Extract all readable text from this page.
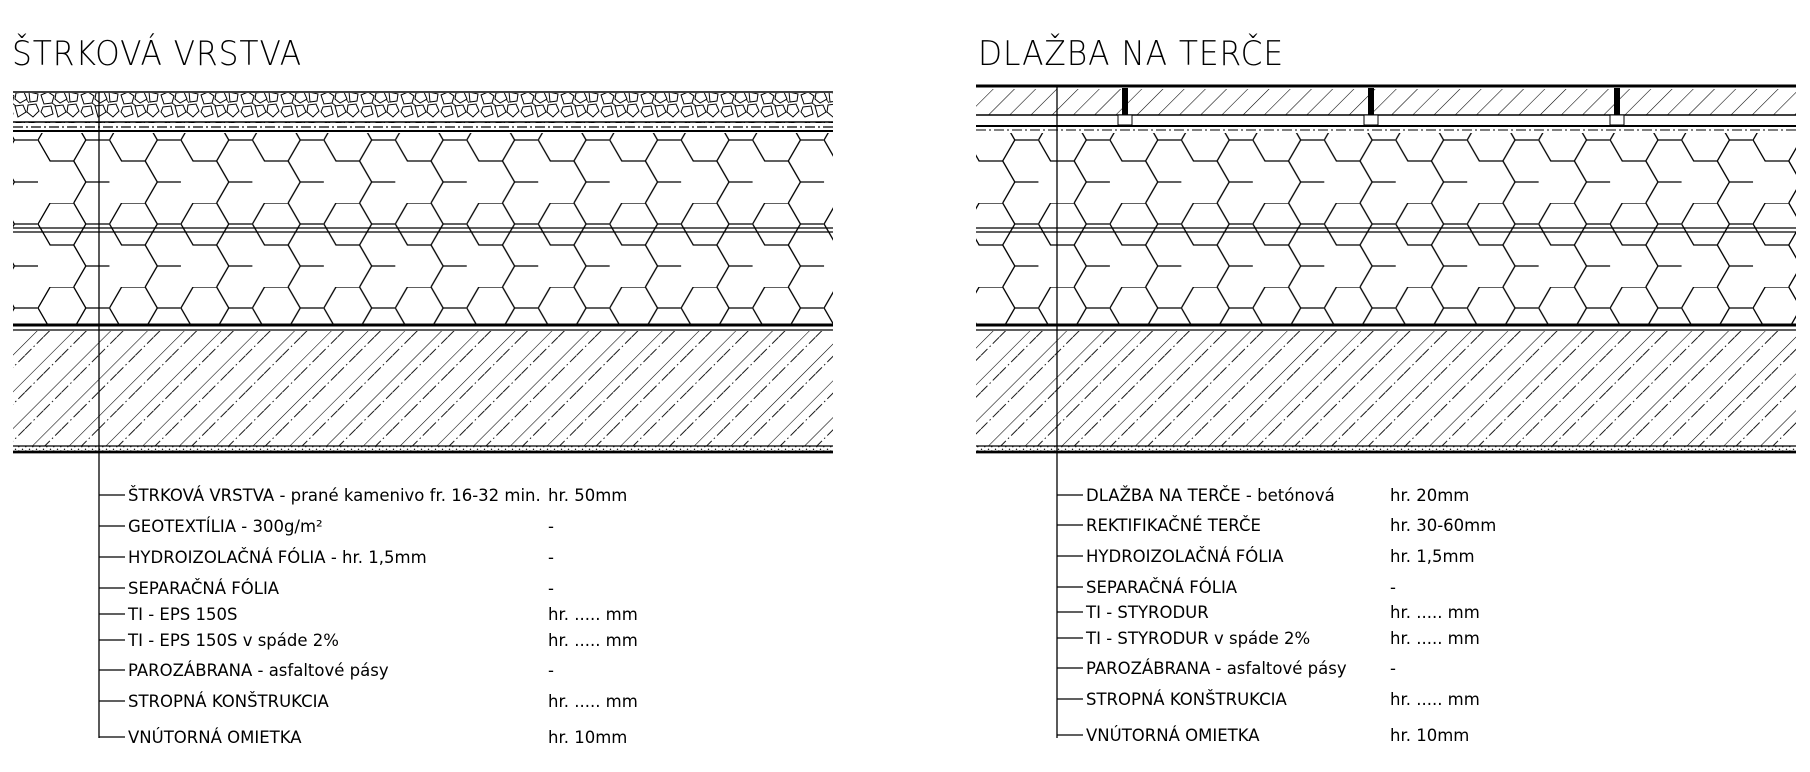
ŠTRKOVÁ VRSTVA	DLAŽBA NA TERČE
ŠTRKOVÁ VRSTVA - prané kamenivo fr. 16-32 min. hr. 50mm
GEOTEXTÍLIA - 300g/m²	-
HYDROIZOLAČNÁ FÓLIA - hr. 1,5mm	-
SEPARAČNÁ FÓLIA	-
TI - EPS 150S	hr. ..... mm
TI - EPS 150S v spáde 2%	hr. ..... mm
PAROZÁBRANA - asfaltové pásy	-
STROPNÁ KONŠTRUKCIA	hr. ..... mm
VNÚTORNÁ OMIETKA	hr. 10mm
DLAŽBA NA TERČE - betónová	hr. 20mm
REKTIFIKAČNÉ TERČE	hr. 30-60mm
HYDROIZOLAČNÁ FÓLIA	hr. 1,5mm
SEPARAČNÁ FÓLIA	-
TI - STYRODUR	hr. ..... mm
TI - STYRODUR v spáde 2%	hr. ..... mm
PAROZÁBRANA - asfaltové pásy	-
STROPNÁ KONŠTRUKCIA	hr. ..... mm
VNÚTORNÁ OMIETKA	hr. 10mm
